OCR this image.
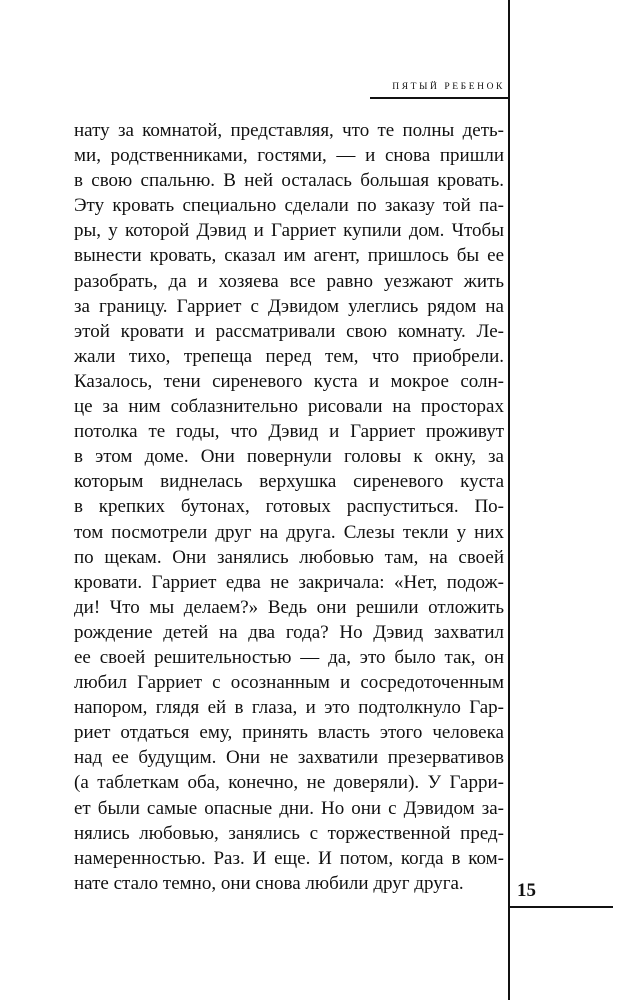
ПЯТЫЙ РЕБЕНОК
нату за комнатой, представляя, что те полны деть-
ми, родственниками, гостями, — и снова пришли
в свою спальню. В ней осталась большая кровать.
Эту кровать специально сделали по заказу той па-
ры, у которой Дэвид и Гарриет купили дом. Чтобы
вынести кровать, сказал им агент, пришлось бы ее
разобрать, да и хозяева все равно уезжают жить
за границу. Гарриет с Дэвидом улеглись рядом на
этой кровати и рассматривали свою комнату. Ле-
жали тихо, трепеща перед тем, что приобрели.
Казалось, тени сиреневого куста и мокрое солн-
це за ним соблазнительно рисовали на просторах
потолка те годы, что Дэвид и Гарриет проживут
в этом доме. Они повернули головы к окну, за
которым виднелась верхушка сиреневого куста
в крепких бутонах, готовых распуститься. По-
том посмотрели друг на друга. Слезы текли у них
по щекам. Они занялись любовью там, на своей
кровати. Гарриет едва не закричала: «Нет, подож-
ди! Что мы делаем?» Ведь они решили отложить
рождение детей на два года? Но Дэвид захватил
ее своей решительностью — да, это было так, он
любил Гарриет с осознанным и сосредоточенным
напором, глядя ей в глаза, и это подтолкнуло Гар-
риет отдаться ему, принять власть этого человека
над ее будущим. Они не захватили презервативов
(а таблеткам оба, конечно, не доверяли). У Гарри-
ет были самые опасные дни. Но они с Дэвидом за-
нялись любовью, занялись с торжественной пред-
намеренностью. Раз. И еще. И потом, когда в ком-
нате стало темно, они снова любили друг друга.	15
